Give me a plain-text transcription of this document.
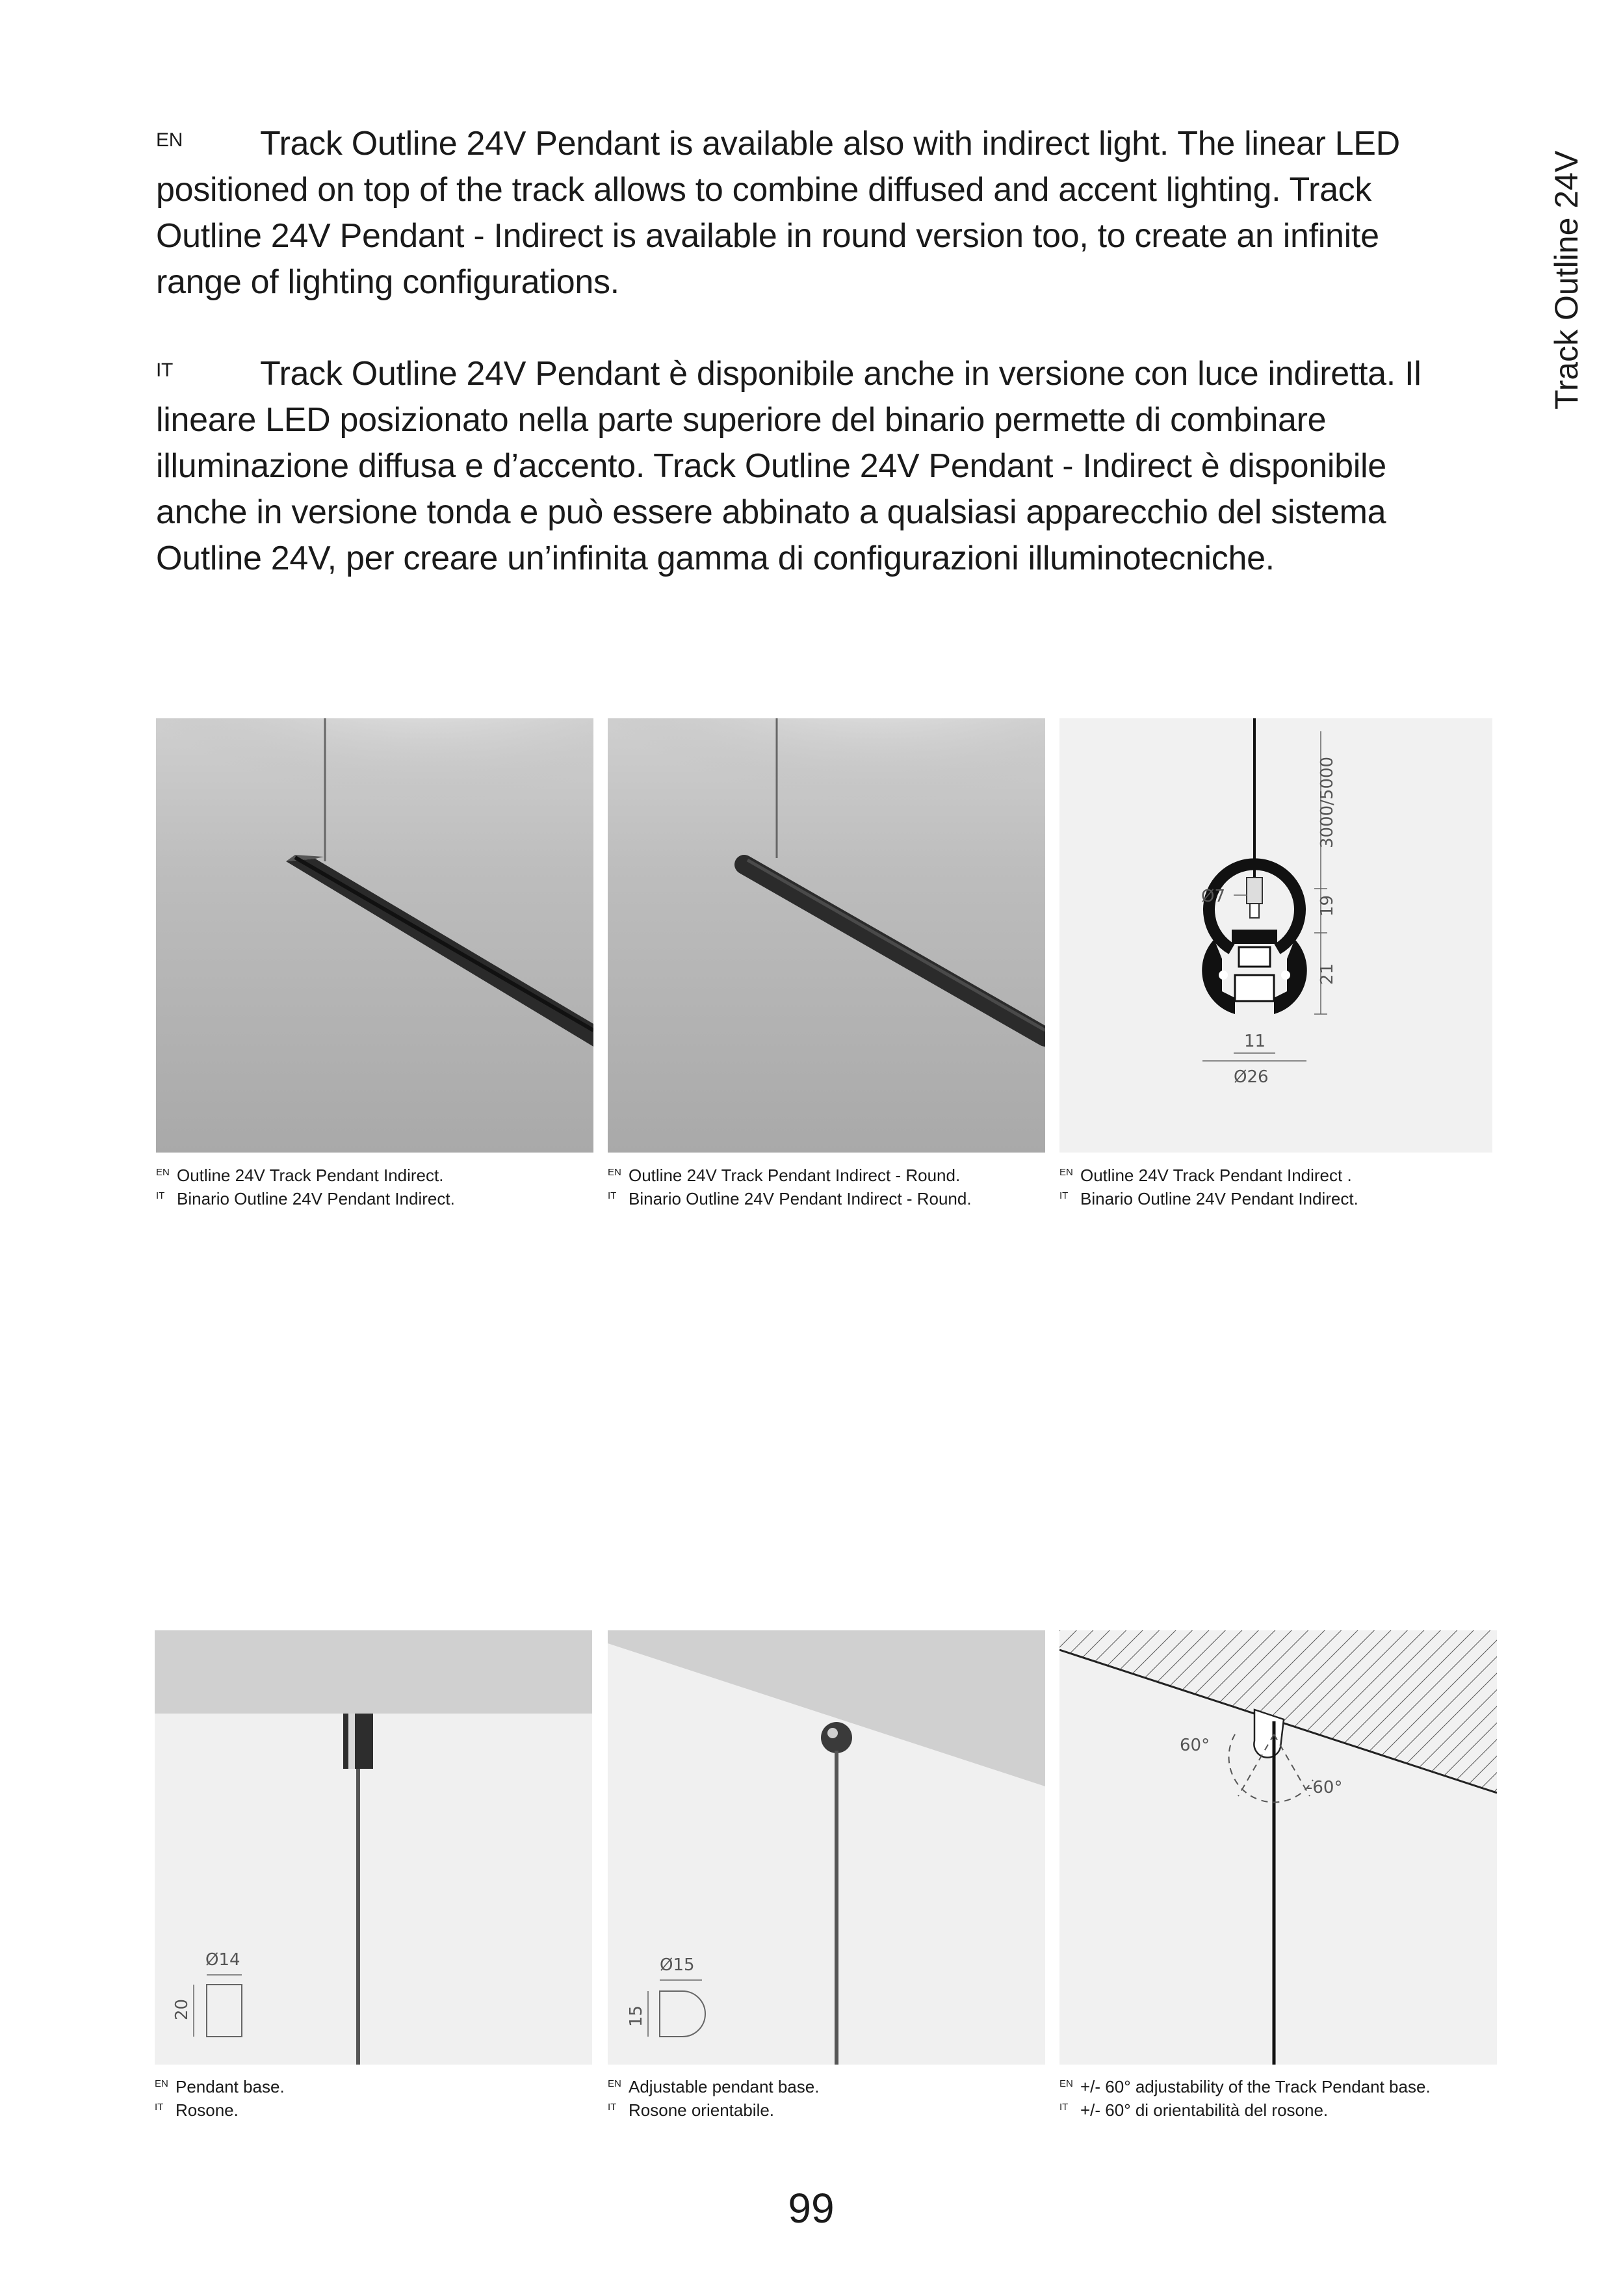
EN	Track Outline 24V Pendant is available also with indirect light. The linear LED positioned on top of the track allows to combine diffused and accent lighting. Track Outline 24V Pendant - Indirect is available in round version too, to create an infinite range of lighting configurations.

IT	Track Outline 24V Pendant è disponibile anche in versione con luce indiretta. Il lineare LED posizionato nella parte superiore del binario permette di combinare illuminazione diffusa e d’accento. Track Outline 24V Pendant - Indirect è disponibile anche in versione tonda e può essere abbinato a qualsiasi apparecchio del sistema Outline 24V, per creare un’infinita gamma di configurazioni illuminotecniche.

Track Outline 24V
3000/5000
19
21
Ø7
11
Ø26
Ø14
20
Ø15
15
60°
-60°
EN Outline 24V Track Pendant Indirect.
IT Binario Outline 24V Pendant Indirect.
EN Outline 24V Track Pendant Indirect - Round.
IT Binario Outline 24V Pendant Indirect - Round.
EN Outline 24V Track Pendant Indirect .
IT Binario Outline 24V Pendant Indirect.
EN Pendant base.
IT Rosone.
EN Adjustable pendant base.
IT Rosone orientabile.
EN +/- 60° adjustability of the Track Pendant base.
IT +/- 60° di orientabilità del rosone.
99
